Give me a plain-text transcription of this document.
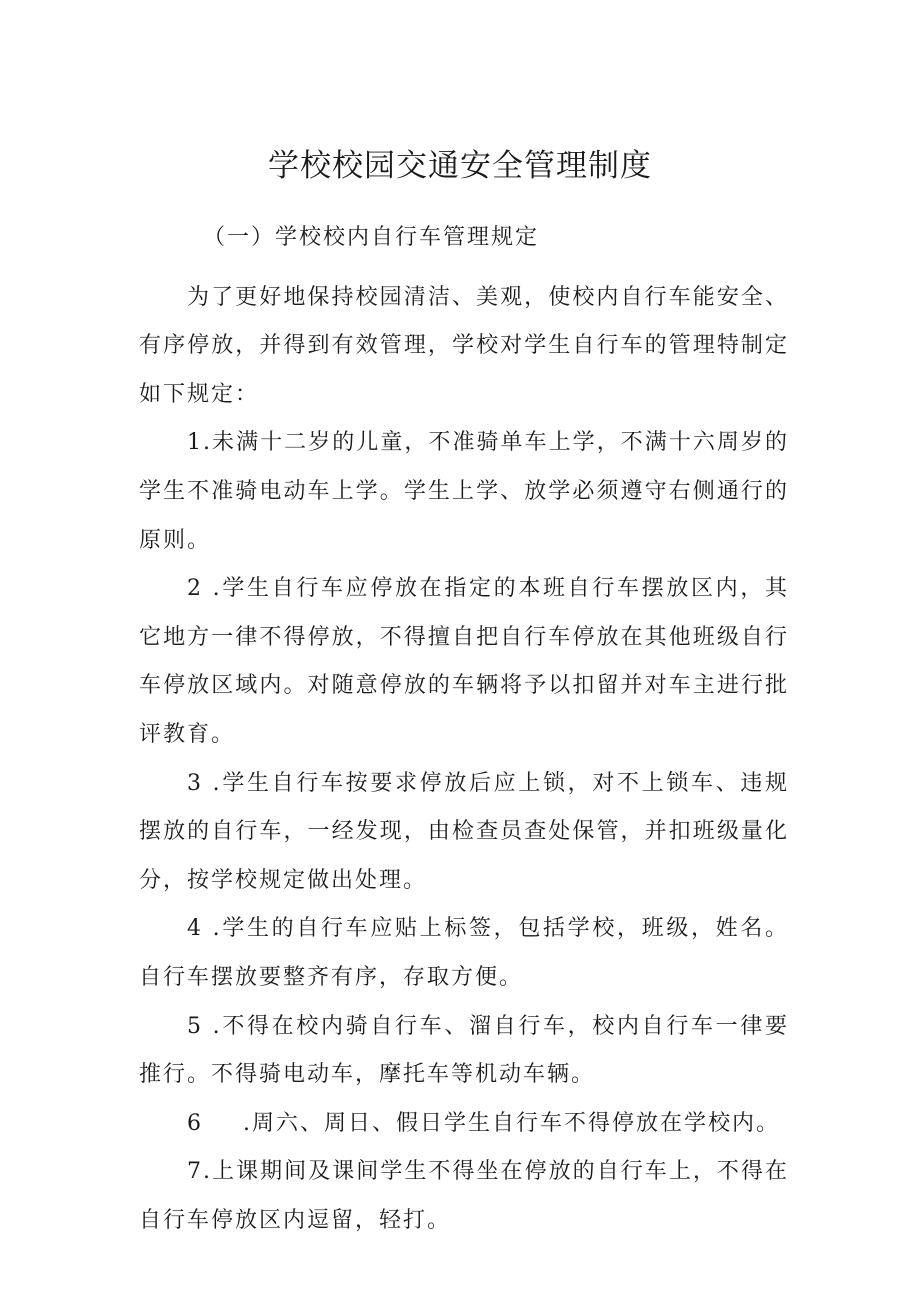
学校校园交通安全管理制度

（一）学校校内自行车管理规定

为了更好地保持校园清洁、美观，使校内自行车能安全、有序停放，并得到有效管理，学校对学生自行车的管理特制定如下规定：

1.未满十二岁的儿童，不准骑单车上学，不满十六周岁的学生不准骑电动车上学。学生上学、放学必须遵守右侧通行的原则。

2 .学生自行车应停放在指定的本班自行车摆放区内，其它地方一律不得停放，不得擅自把自行车停放在其他班级自行车停放区域内。对随意停放的车辆将予以扣留并对车主进行批评教育。

3 .学生自行车按要求停放后应上锁，对不上锁车、违规摆放的自行车，一经发现，由检查员查处保管，并扣班级量化分，按学校规定做出处理。

4 .学生的自行车应贴上标签，包括学校，班级，姓名。自行车摆放要整齐有序，存取方便。

5 .不得在校内骑自行车、溜自行车，校内自行车一律要推行。不得骑电动车，摩托车等机动车辆。

6 .周六、周日、假日学生自行车不得停放在学校内。

7.上课期间及课间学生不得坐在停放的自行车上，不得在自行车停放区内逗留，轻打。
